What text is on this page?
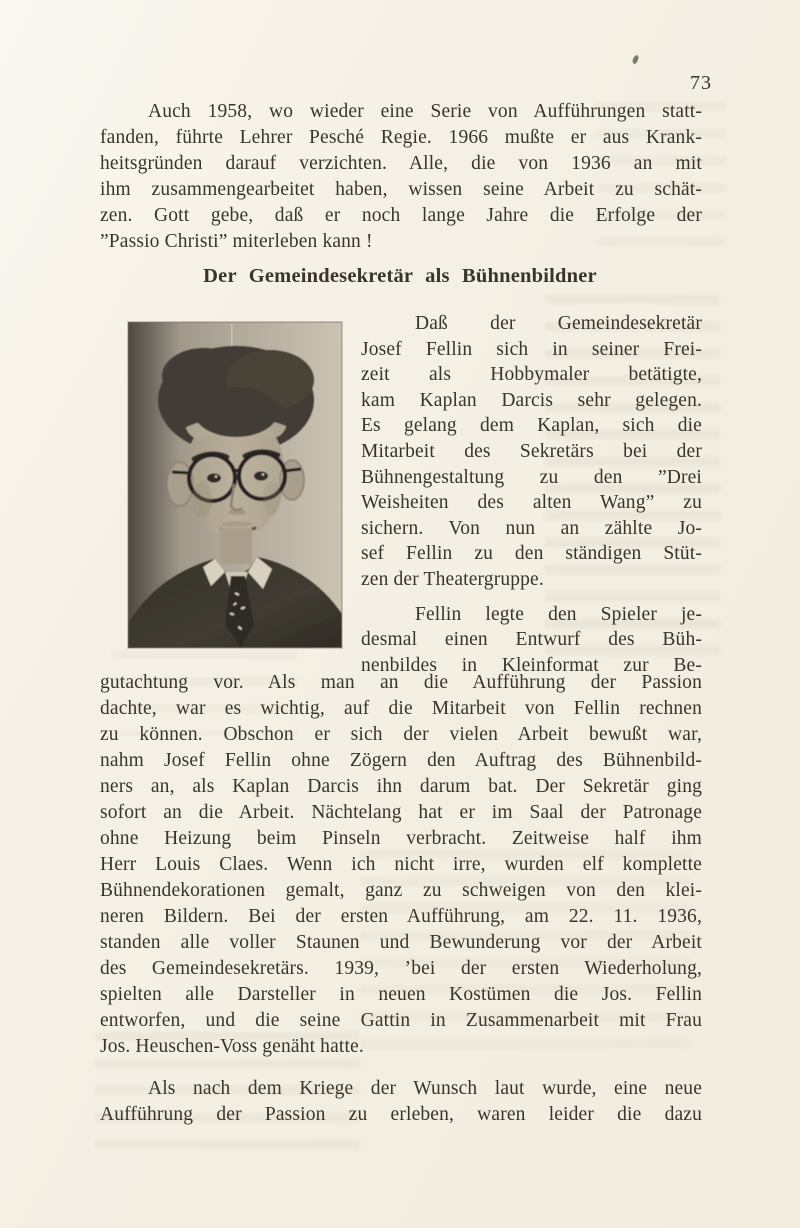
73
Auch 1958, wo wieder eine Serie von Aufführungen statt-
fanden, führte Lehrer Pesché Regie. 1966 mußte er aus Krank-
heitsgründen darauf verzichten. Alle, die von 1936 an mit
ihm zusammengearbeitet haben, wissen seine Arbeit zu schät-
zen. Gott gebe, daß er noch lange Jahre die Erfolge der
”Passio Christi” miterleben kann !
Der Gemeindesekretär als Bühnenbildner
Daß der Gemeindesekretär
Josef Fellin sich in seiner Frei-
zeit als Hobbymaler betätigte,
kam Kaplan Darcis sehr gelegen.
Es gelang dem Kaplan, sich die
Mitarbeit des Sekretärs bei der
Bühnengestaltung zu den ”Drei
Weisheiten des alten Wang” zu
sichern. Von nun an zählte Jo-
sef Fellin zu den ständigen Stüt-
zen der Theatergruppe.
Fellin legte den Spieler je-
desmal einen Entwurf des Büh-
nenbildes in Kleinformat zur Be-
gutachtung vor. Als man an die Aufführung der Passion
dachte, war es wichtig, auf die Mitarbeit von Fellin rechnen
zu können. Obschon er sich der vielen Arbeit bewußt war,
nahm Josef Fellin ohne Zögern den Auftrag des Bühnenbild-
ners an, als Kaplan Darcis ihn darum bat. Der Sekretär ging
sofort an die Arbeit. Nächtelang hat er im Saal der Patronage
ohne Heizung beim Pinseln verbracht. Zeitweise half ihm
Herr Louis Claes. Wenn ich nicht irre, wurden elf komplette
Bühnendekorationen gemalt, ganz zu schweigen von den klei-
neren Bildern. Bei der ersten Aufführung, am 22. 11. 1936,
standen alle voller Staunen und Bewunderung vor der Arbeit
des Gemeindesekretärs. 1939, ’bei der ersten Wiederholung,
spielten alle Darsteller in neuen Kostümen die Jos. Fellin
entworfen, und die seine Gattin in Zusammenarbeit mit Frau
Jos. Heuschen-Voss genäht hatte.
Als nach dem Kriege der Wunsch laut wurde, eine neue
Aufführung der Passion zu erleben, waren leider die dazu
